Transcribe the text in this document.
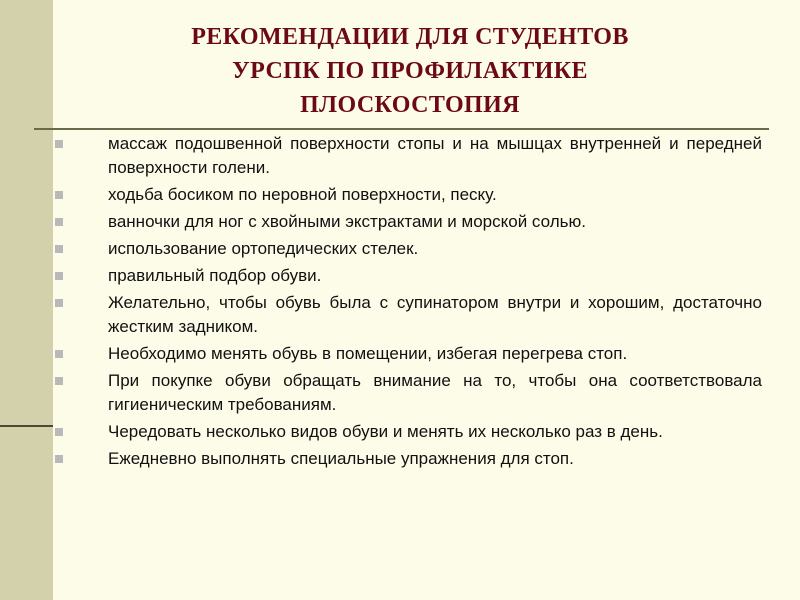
РЕКОМЕНДАЦИИ ДЛЯ СТУДЕНТОВ
УРСПК ПО ПРОФИЛАКТИКЕ
ПЛОСКОСТОПИЯ
массаж подошвенной поверхности стопы и на мышцах внутренней и передней поверхности голени.
ходьба босиком по неровной поверхности, песку.
ванночки для ног с хвойными экстрактами и морской солью.
использование ортопедических стелек.
правильный подбор обуви.
Желательно, чтобы обувь была с супинатором внутри и хорошим, достаточно жестким задником.
Необходимо менять обувь в помещении, избегая перегрева стоп.
При покупке обуви обращать внимание на то, чтобы она соответствовала гигиеническим требованиям.
Чередовать несколько видов обуви и менять их несколько раз в день.
Ежедневно выполнять специальные упражнения для стоп.
